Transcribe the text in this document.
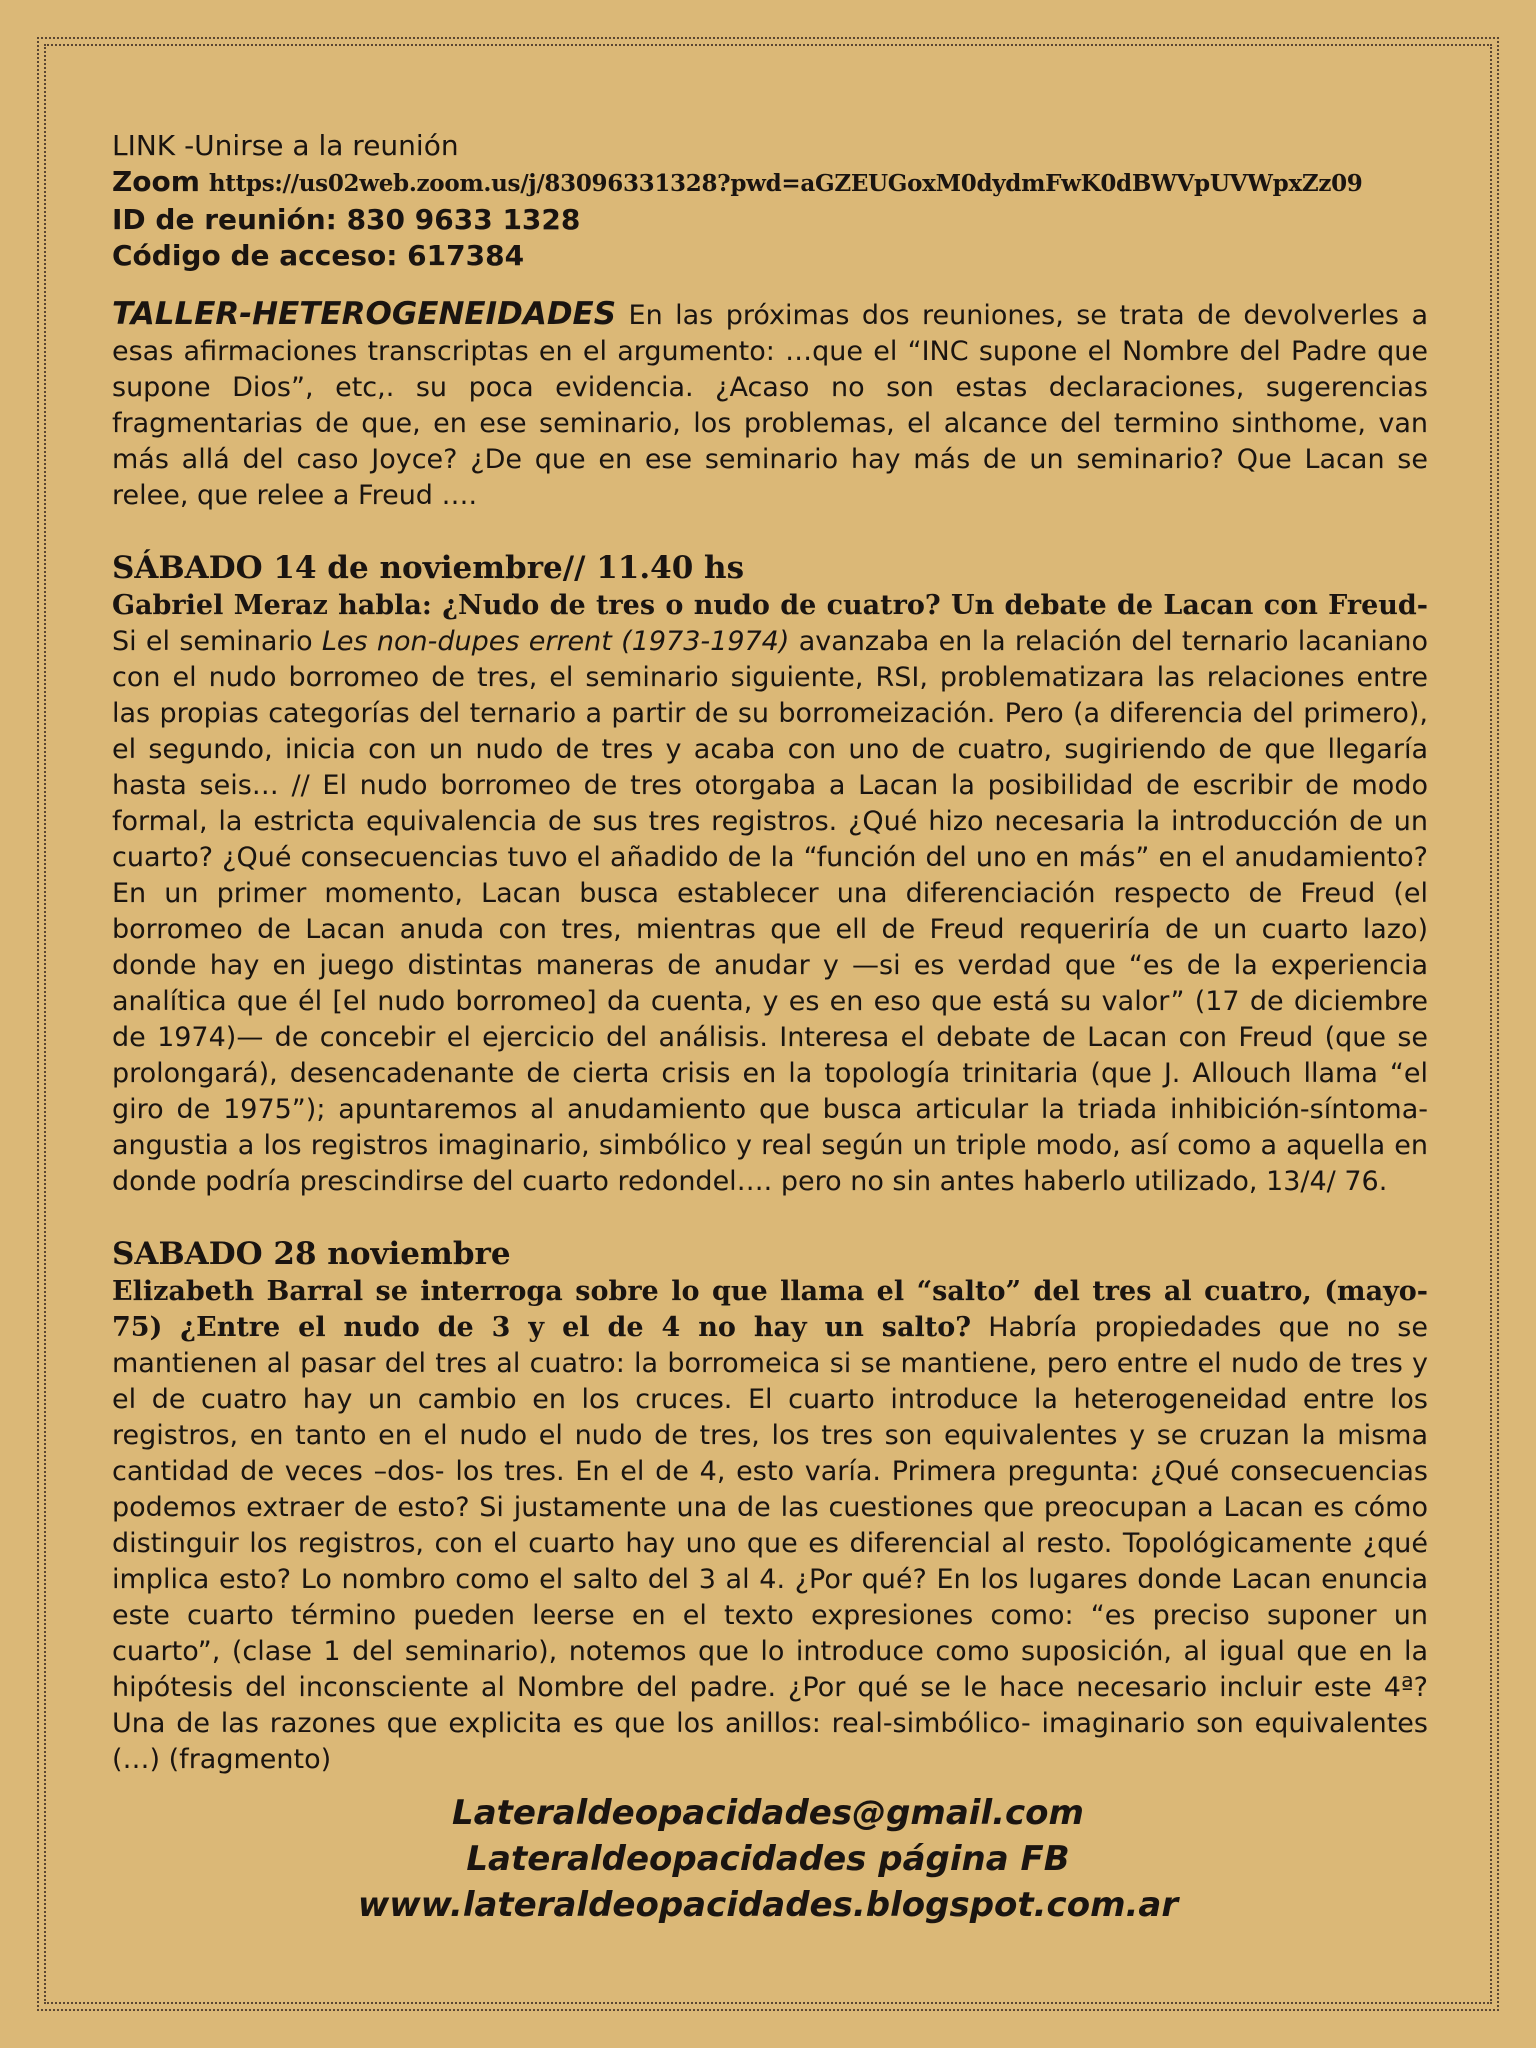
LINK -Unirse a la reunión
Zoom https://us02web.zoom.us/j/83096331328?pwd=aGZEUGoxM0dydmFwK0dBWVpUVWpxZz09
ID de reunión: 830 9633 1328
Código de acceso: 617384

TALLER-HETEROGENEIDADES En las próximas dos reuniones, se trata de devolverles a esas afirmaciones transcriptas en el argumento: …que el “INC supone el Nombre del Padre que supone Dios”, etc,. su poca evidencia. ¿Acaso no son estas declaraciones, sugerencias fragmentarias de que, en ese seminario, los problemas, el alcance del termino sinthome, van más allá del caso Joyce? ¿De que en ese seminario hay más de un seminario? Que Lacan se relee, que relee a Freud ….

SÁBADO 14 de noviembre// 11.40 hs

Gabriel Meraz habla: ¿Nudo de tres o nudo de cuatro? Un debate de Lacan con Freud- Si el seminario Les non-dupes errent (1973-1974) avanzaba en la relación del ternario lacaniano con el nudo borromeo de tres, el seminario siguiente, RSI, problematizara las relaciones entre las propias categorías del ternario a partir de su borromeización. Pero (a diferencia del primero), el segundo, inicia con un nudo de tres y acaba con uno de cuatro, sugiriendo de que llegaría hasta seis… // El nudo borromeo de tres otorgaba a Lacan la posibilidad de escribir de modo formal, la estricta equivalencia de sus tres registros. ¿Qué hizo necesaria la introducción de un cuarto? ¿Qué consecuencias tuvo el añadido de la “función del uno en más” en el anudamiento? En un primer momento, Lacan busca establecer una diferenciación respecto de Freud (el borromeo de Lacan anuda con tres, mientras que ell de Freud requeriría de un cuarto lazo) donde hay en juego distintas maneras de anudar y —si es verdad que “es de la experiencia analítica que él [el nudo borromeo] da cuenta, y es en eso que está su valor” (17 de diciembre de 1974)— de concebir el ejercicio del análisis. Interesa el debate de Lacan con Freud (que se prolongará), desencadenante de cierta crisis en la topología trinitaria (que J. Allouch llama “el giro de 1975”); apuntaremos al anudamiento que busca articular la triada inhibición-síntoma-angustia a los registros imaginario, simbólico y real según un triple modo, así como a aquella en donde podría prescindirse del cuarto redondel…. pero no sin antes haberlo utilizado, 13/4/ 76.

SABADO 28 noviembre

Elizabeth Barral se interroga sobre lo que llama el “salto” del tres al cuatro, (mayo-75) ¿Entre el nudo de 3 y el de 4 no hay un salto? Habría propiedades que no se mantienen al pasar del tres al cuatro: la borromeica si se mantiene, pero entre el nudo de tres y el de cuatro hay un cambio en los cruces. El cuarto introduce la heterogeneidad entre los registros, en tanto en el nudo el nudo de tres, los tres son equivalentes y se cruzan la misma cantidad de veces –dos- los tres. En el de 4, esto varía. Primera pregunta: ¿Qué consecuencias podemos extraer de esto? Si justamente una de las cuestiones que preocupan a Lacan es cómo distinguir los registros, con el cuarto hay uno que es diferencial al resto. Topológicamente ¿qué implica esto? Lo nombro como el salto del 3 al 4. ¿Por qué? En los lugares donde Lacan enuncia este cuarto término pueden leerse en el texto expresiones como: “es preciso suponer un cuarto”, (clase 1 del seminario), notemos que lo introduce como suposición, al igual que en la hipótesis del inconsciente al Nombre del padre. ¿Por qué se le hace necesario incluir este 4ª? Una de las razones que explicita es que los anillos: real-simbólico- imaginario son equivalentes (…) (fragmento)

Lateraldeopacidades@gmail.com
Lateraldeopacidades página FB
www.lateraldeopacidades.blogspot.com.ar
